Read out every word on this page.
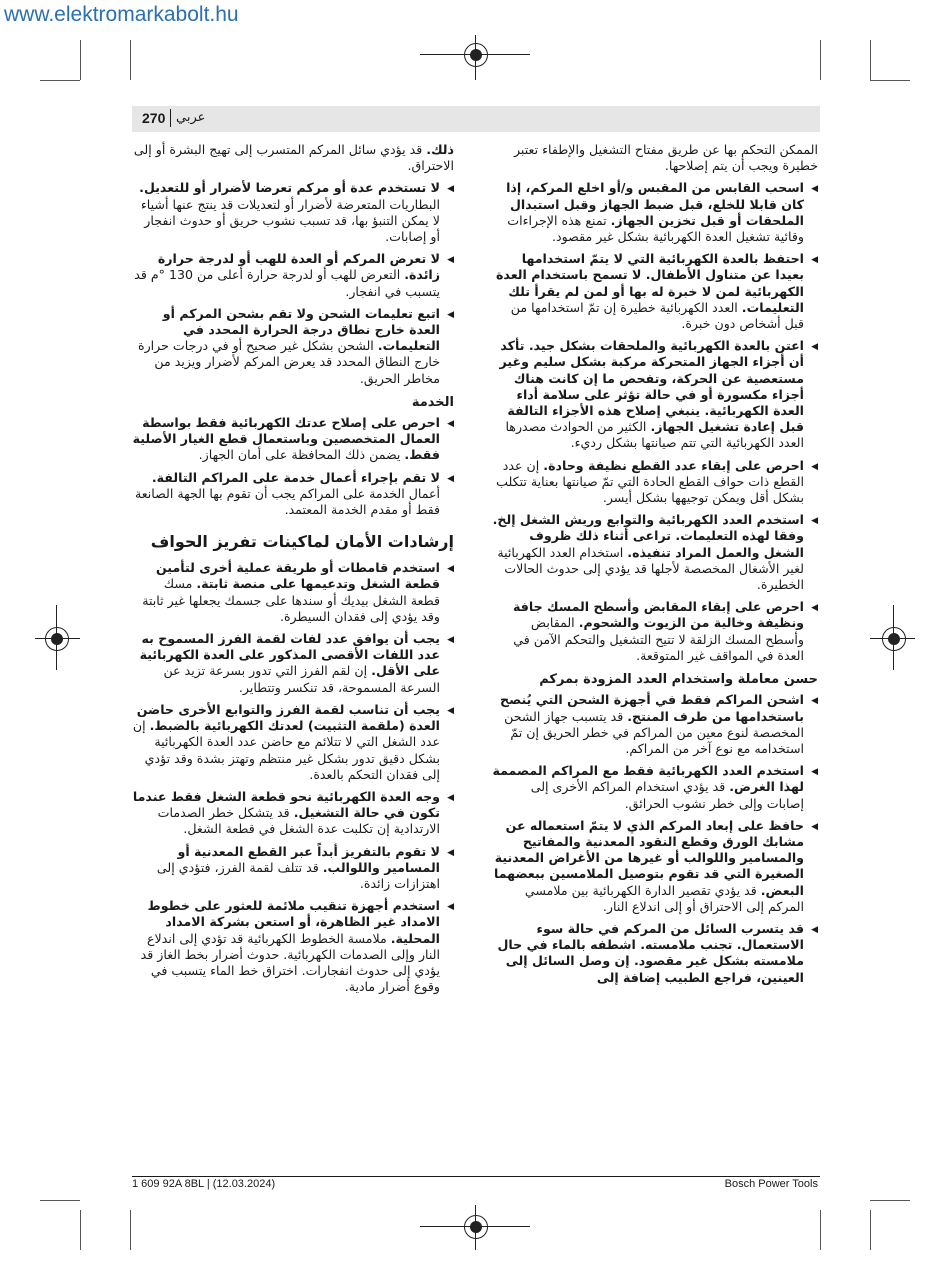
www.elektromarkabolt.hu
270 عربي

الممكن التحكم بها عن طريق مفتاح التشغيل والإطفاء تعتبر خطيرة ويجب أن يتم إصلاحها.

◀ اسحب القابس من المقبس و/أو اخلع المركم، إذا كان قابلا للخلع، قبل ضبط الجهاز وقبل استبدال الملحقات أو قبل تخزين الجهاز. تمنع هذه الإجراءات وقائية تشغيل العدة الكهربائية بشكل غير مقصود.
◀ احتفظ بالعدة الكهربائية التي لا يتمّ استخدامها بعيدا عن متناول الأطفال. لا تسمح باستخدام العدة الكهربائية لمن لا خبرة له بها أو لمن لم يقرأ تلك التعليمات. العدد الكهربائية خطيرة إن تمّ استخدامها من قبل أشخاص دون خبرة.
◀ اعتن بالعدة الكهربائية والملحقات بشكل جيد. تأكد أن أجزاء الجهاز المتحركة مركبة بشكل سليم وغير مستعصية عن الحركة، وتفحص ما إن كانت هناك أجزاء مكسورة أو في حالة تؤثر على سلامة أداء العدة الكهربائية. ينبغي إصلاح هذه الأجزاء التالفة قبل إعادة تشغيل الجهاز. الكثير من الحوادث مصدرها العدد الكهربائية التي تتم صيانتها بشكل رديء.
◀ احرص على إبقاء عدد القطع نظيفة وحادة. إن عدد القطع ذات حواف القطع الحادة التي تمّ صيانتها بعناية تتكلب بشكل أقل ويمكن توجيهها بشكل أيسر.
◀ استخدم العدد الكهربائية والتوابع وريش الشغل إلخ. وفقا لهذه التعليمات. تراعى أثناء ذلك ظروف الشغل والعمل المراد تنفيذه. استخدام العدد الكهربائية لغير الأشغال المخصصة لأجلها قد يؤدي إلى حدوث الحالات الخطيرة.
◀ احرص على إبقاء المقابض وأسطح المسك جافة ونظيفة وخالية من الزيوت والشحوم. المقابض وأسطح المسك الزلقة لا تتيح التشغيل والتحكم الآمن في العدة في المواقف غير المتوقعة.
حسن معاملة واستخدام العدد المزودة بمركم
◀ اشحن المراكم فقط في أجهزة الشحن التي يُنصح باستخدامها من طرف المنتج. قد يتسبب جهاز الشحن المخصصة لنوع معين من المراكم في خطر الحريق إن تمّ استخدامه مع نوع آخر من المراكم.
◀ استخدم العدد الكهربائية فقط مع المراكم المصممة لهذا الغرض. قد يؤدي استخدام المراكم الأخرى إلى إصابات وإلى خطر نشوب الحرائق.
◀ حافظ على إبعاد المركم الذي لا يتمّ استعماله عن مشابك الورق وقطع النقود المعدنية والمفاتيح والمسامير واللوالب أو غيرها من الأغراض المعدنية الصغيرة التي قد تقوم بتوصيل الملامسين ببعضهما البعض. قد يؤدي تقصير الدارة الكهربائية بين ملامسي المركم إلى الاحتراق أو إلى اندلاع النار.
◀ قد يتسرب السائل من المركم في حالة سوء الاستعمال. تجنب ملامسته. اشطفه بالماء في حال ملامسته بشكل غير مقصود. إن وصل السائل إلى العينين، فراجع الطبيب إضافة إلى

ذلك. قد يؤدي سائل المركم المتسرب إلى تهيج البشرة أو إلى الاحتراق.

◀ لا تستخدم عدة أو مركم تعرضا لأضرار أو للتعديل. البطاريات المتعرضة لأضرار أو لتعديلات قد ينتج عنها أشياء لا يمكن التنبؤ بها، قد تسبب نشوب حريق أو حدوث انفجار أو إصابات.
◀ لا تعرض المركم أو العدة للهب أو لدرجة حرارة زائدة. التعرض للهب أو لدرجة حرارة أعلى من 130 °م قد يتسبب في انفجار.
◀ اتبع تعليمات الشحن ولا تقم بشحن المركم أو العدة خارج نطاق درجة الحرارة المحدد في التعليمات. الشحن بشكل غير صحيح أو في درجات حرارة خارج النطاق المحدد قد يعرض المركم لأضرار ويزيد من مخاطر الحريق.
الخدمة
◀ احرص على إصلاح عدتك الكهربائية فقط بواسطة العمال المتخصصين وباستعمال قطع الغيار الأصلية فقط. يضمن ذلك المحافظة على أمان الجهاز.
◀ لا تقم بإجراء أعمال خدمة على المراكم التالفة. أعمال الخدمة على المراكم يجب أن تقوم بها الجهة الصانعة فقط أو مقدم الخدمة المعتمد.
إرشادات الأمان لماكينات تفريز الحواف
◀ استخدم قامطات أو طريقة عملية أخرى لتأمين قطعة الشغل وتدعيمها على منصة ثابتة. مسك قطعة الشغل بيديك أو سندها على جسمك يجعلها غير ثابتة وقد يؤدي إلى فقدان السيطرة.
◀ يجب أن يوافق عدد لفات لقمة الفرز المسموح به عدد اللفات الأقصى المذكور على العدة الكهربائية على الأقل. إن لقم الفرز التي تدور بسرعة تزيد عن السرعة المسموحة، قد تنكسر وتتطاير.
◀ يجب أن تناسب لقمة الفرز والتوابع الأخرى حاضن العدة (ملقمة التثبيت) لعدتك الكهربائية بالضبط. إن عدد الشغل التي لا تتلائم مع حاضن عدد العدة الكهربائية بشكل دقيق تدور بشكل غير منتظم وتهتز بشدة وقد تؤدي إلى فقدان التحكم بالعدة.
◀ وجه العدة الكهربائية نحو قطعة الشغل فقط عندما تكون في حالة التشغيل. قد يتشكل خطر الصدمات الارتدادية إن تكلبت عدة الشغل في قطعة الشغل.
◀ لا تقوم بالتفريز أبداً عبر القطع المعدنية أو المسامير واللوالب. قد تتلف لقمة الفرز، فتؤدي إلى اهتزازات زائدة.
◀ استخدم أجهزة تنقيب ملائمة للعثور على خطوط الامداد غير الظاهرة، أو استعن بشركة الامداد المحلية. ملامسة الخطوط الكهربائية قد تؤدي إلى اندلاع النار وإلى الصدمات الكهربائية. حدوث أضرار بخط الغاز قد يؤدي إلى حدوث انفجارات. اختراق خط الماء يتسبب في وقوع أضرار مادية.
1 609 92A 8BL | (12.03.2024)	Bosch Power Tools
